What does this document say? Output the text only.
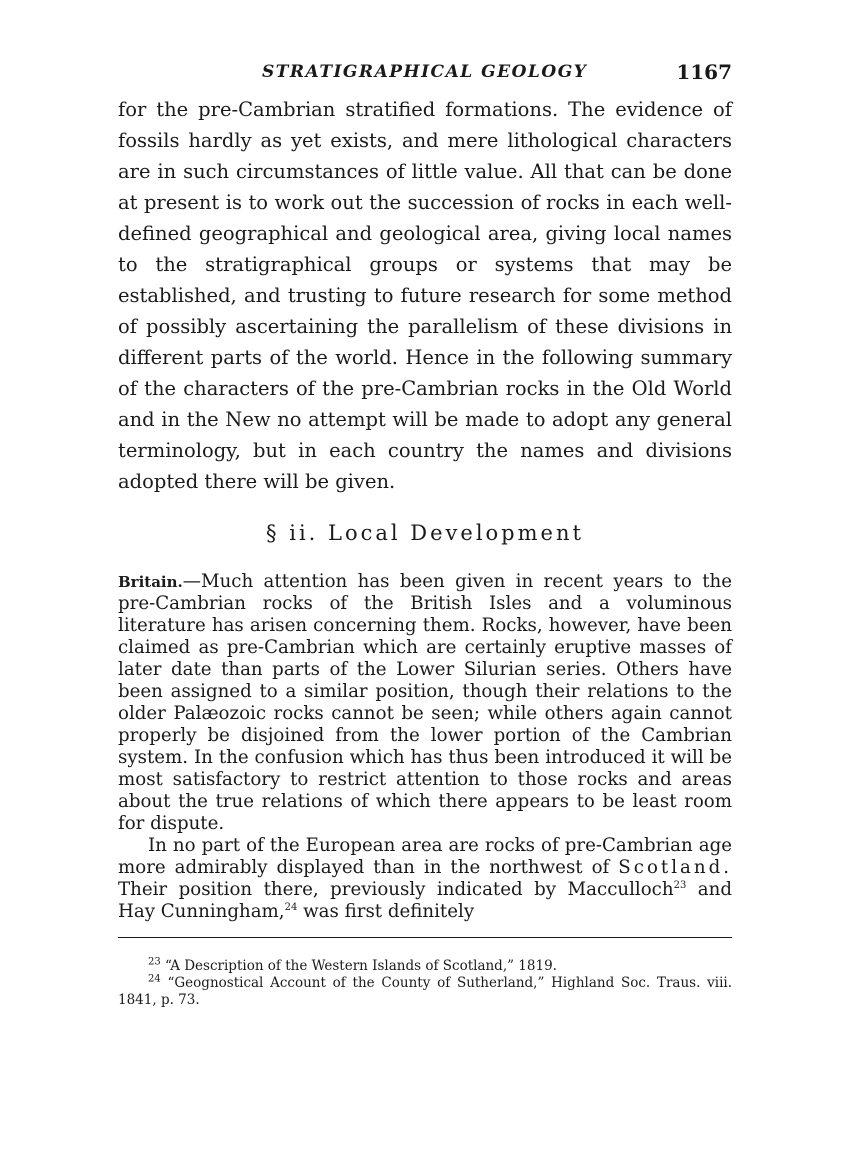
STRATIGRAPHICAL GEOLOGY	1167

for the pre-Cambrian stratified formations. The evidence of fossils hardly as yet exists, and mere lithological characters are in such circumstances of little value. All that can be done at present is to work out the succession of rocks in each well-defined geographical and geological area, giving local names to the stratigraphical groups or systems that may be established, and trusting to future research for some method of possibly ascertaining the parallelism of these divisions in different parts of the world. Hence in the following summary of the characters of the pre-Cambrian rocks in the Old World and in the New no attempt will be made to adopt any general terminology, but in each country the names and divisions adopted there will be given.

§ ii. Local Development

Britain.—Much attention has been given in recent years to the pre-Cambrian rocks of the British Isles and a voluminous literature has arisen concerning them. Rocks, however, have been claimed as pre-Cambrian which are certainly eruptive masses of later date than parts of the Lower Silurian series. Others have been assigned to a similar position, though their relations to the older Palæozoic rocks cannot be seen; while others again cannot properly be disjoined from the lower portion of the Cambrian system. In the confusion which has thus been introduced it will be most satisfactory to restrict attention to those rocks and areas about the true relations of which there appears to be least room for dispute.

In no part of the European area are rocks of pre-Cambrian age more admirably displayed than in the northwest of Scotland. Their position there, previously indicated by Macculloch$^{23}$ and Hay Cunningham,$^{24}$ was first definitely

$^{23}$ “A Description of the Western Islands of Scotland,” 1819.

$^{24}$ “Geognostical Account of the County of Sutherland,” Highland Soc. Traus. viii. 1841, p. 73.
